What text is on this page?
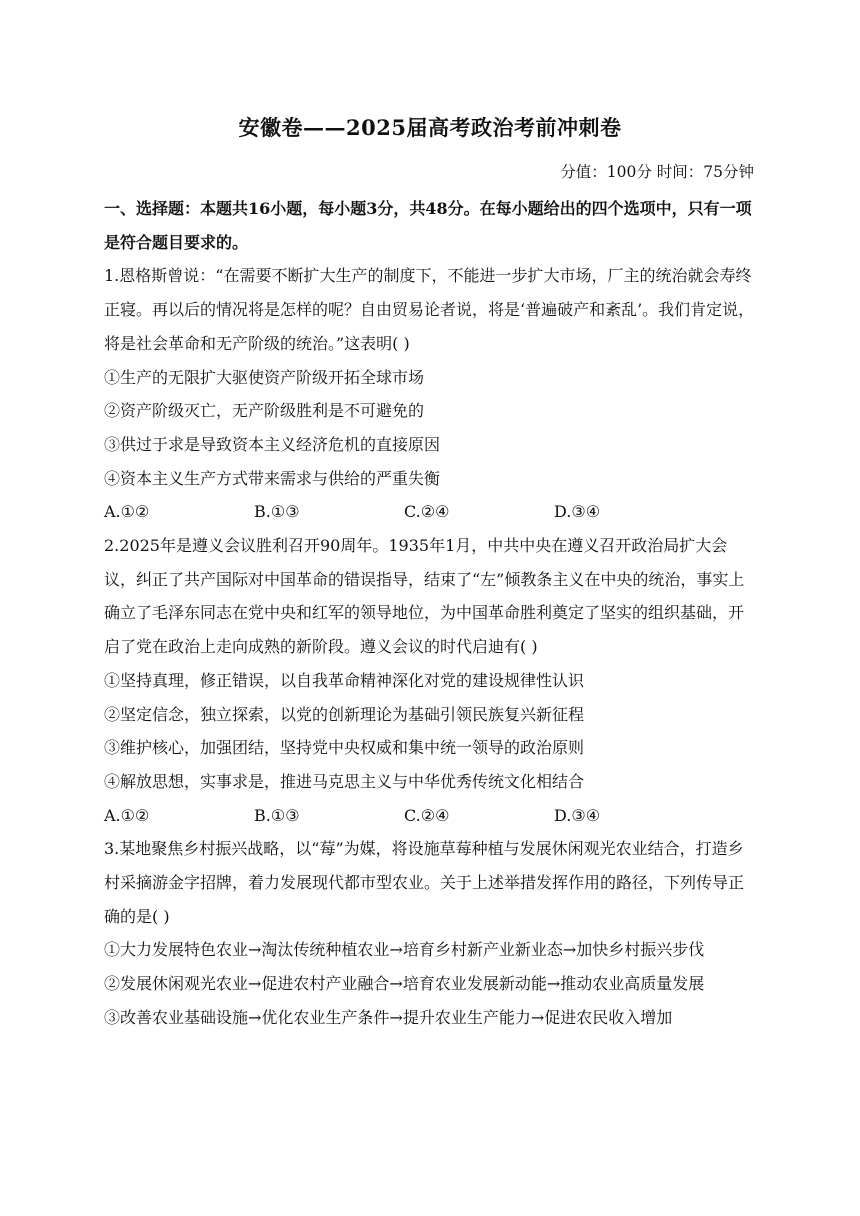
安徽卷——2025届高考政治考前冲刺卷
分值：100分 时间：75分钟

一、选择题：本题共16小题，每小题3分，共48分。在每小题给出的四个选项中，只有一项是符合题目要求的。

1.恩格斯曾说：“在需要不断扩大生产的制度下，不能进一步扩大市场，厂主的统治就会寿终正寝。再以后的情况将是怎样的呢？自由贸易论者说，将是‘普遍破产和紊乱’。我们肯定说，将是社会革命和无产阶级的统治。”这表明( )

①生产的无限扩大驱使资产阶级开拓全球市场

②资产阶级灭亡，无产阶级胜利是不可避免的

③供过于求是导致资本主义经济危机的直接原因

④资本主义生产方式带来需求与供给的严重失衡

A.①②	B.①③	C.②④	D.③④

2.2025年是遵义会议胜利召开90周年。1935年1月，中共中央在遵义召开政治局扩大会议，纠正了共产国际对中国革命的错误指导，结束了“左”倾教条主义在中央的统治，事实上确立了毛泽东同志在党中央和红军的领导地位，为中国革命胜利奠定了坚实的组织基础，开启了党在政治上走向成熟的新阶段。遵义会议的时代启迪有( )

①坚持真理，修正错误，以自我革命精神深化对党的建设规律性认识

②坚定信念，独立探索，以党的创新理论为基础引领民族复兴新征程

③维护核心，加强团结，坚持党中央权威和集中统一领导的政治原则

④解放思想，实事求是，推进马克思主义与中华优秀传统文化相结合

A.①②	B.①③	C.②④	D.③④

3.某地聚焦乡村振兴战略，以“莓”为媒，将设施草莓种植与发展休闲观光农业结合，打造乡村采摘游金字招牌，着力发展现代都市型农业。关于上述举措发挥作用的路径，下列传导正确的是( )

①大力发展特色农业→淘汰传统种植农业→培育乡村新产业新业态→加快乡村振兴步伐

②发展休闲观光农业→促进农村产业融合→培育农业发展新动能→推动农业高质量发展

③改善农业基础设施→优化农业生产条件→提升农业生产能力→促进农民收入增加
